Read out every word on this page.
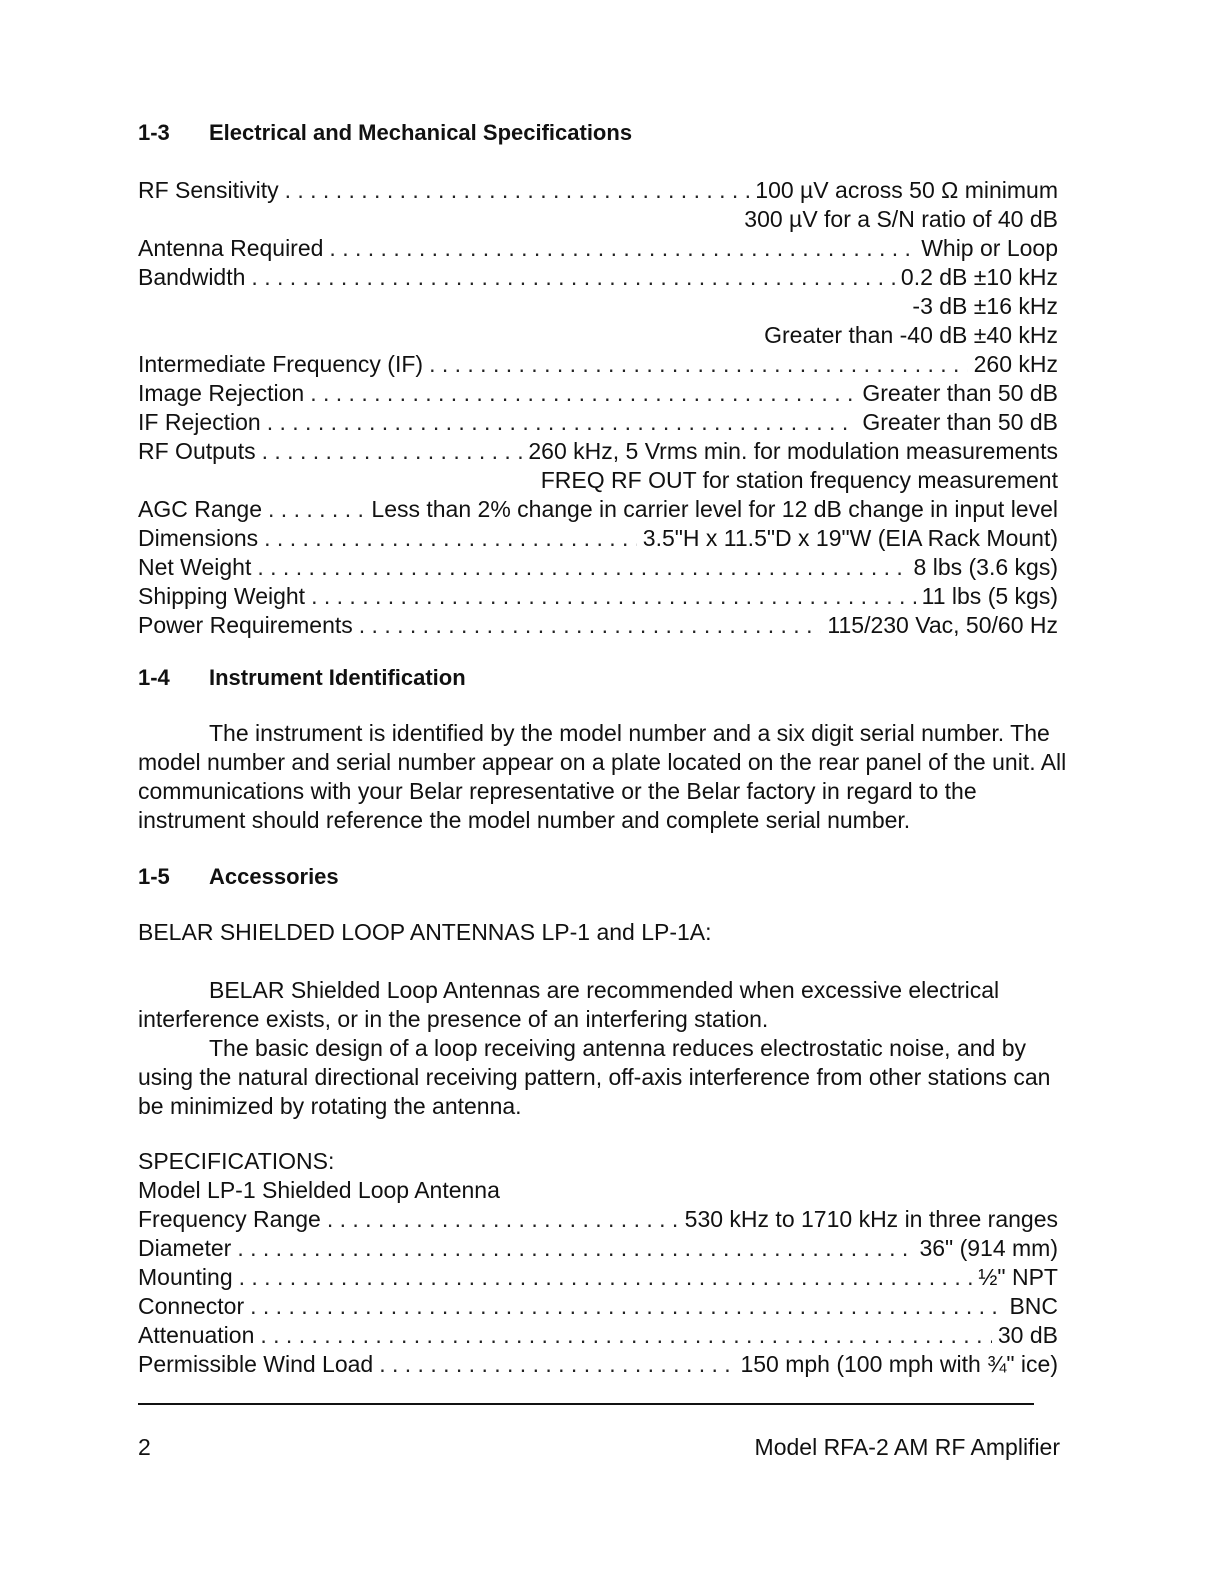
1-3 Electrical and Mechanical Specifications
RF Sensitivity . . .	100 µV across 50 Ω minimum
300 µV for a S/N ratio of 40 dB
Antenna Required . . .	Whip or Loop
Bandwidth . . .	0.2 dB ±10 kHz
-3 dB ±16 kHz
Greater than -40 dB ±40 kHz
Intermediate Frequency (IF) . . .	260 kHz
Image Rejection . . .	Greater than 50 dB
IF Rejection . . .	Greater than 50 dB
RF Outputs . . .	260 kHz, 5 Vrms min. for modulation measurements
FREQ RF OUT for station frequency measurement
AGC Range . . .	Less than 2% change in carrier level for 12 dB change in input level
Dimensions . . .	3.5"H x 11.5"D x 19"W (EIA Rack Mount)
Net Weight . . .	8 lbs (3.6 kgs)
Shipping Weight . . .	11 lbs (5 kgs)
Power Requirements . . .	115/230 Vac, 50/60 Hz
1-4 Instrument Identification

The instrument is identified by the model number and a six digit serial number. The model number and serial number appear on a plate located on the rear panel of the unit. All communications with your Belar representative or the Belar factory in regard to the instrument should reference the model number and complete serial number.

1-5 Accessories
BELAR SHIELDED LOOP ANTENNAS LP-1 and LP-1A:

BELAR Shielded Loop Antennas are recommended when excessive electrical interference exists, or in the presence of an interfering station.

The basic design of a loop receiving antenna reduces electrostatic noise, and by using the natural directional receiving pattern, off-axis interference from other stations can be minimized by rotating the antenna.

SPECIFICATIONS:
Model LP-1 Shielded Loop Antenna
Frequency Range . . .	530 kHz to 1710 kHz in three ranges
Diameter . . .	36" (914 mm)
Mounting . . .	½" NPT
Connector . . .	BNC
Attenuation . . .	30 dB
Permissible Wind Load . . .	150 mph (100 mph with ¾" ice)
2	Model RFA-2 AM RF Amplifier
